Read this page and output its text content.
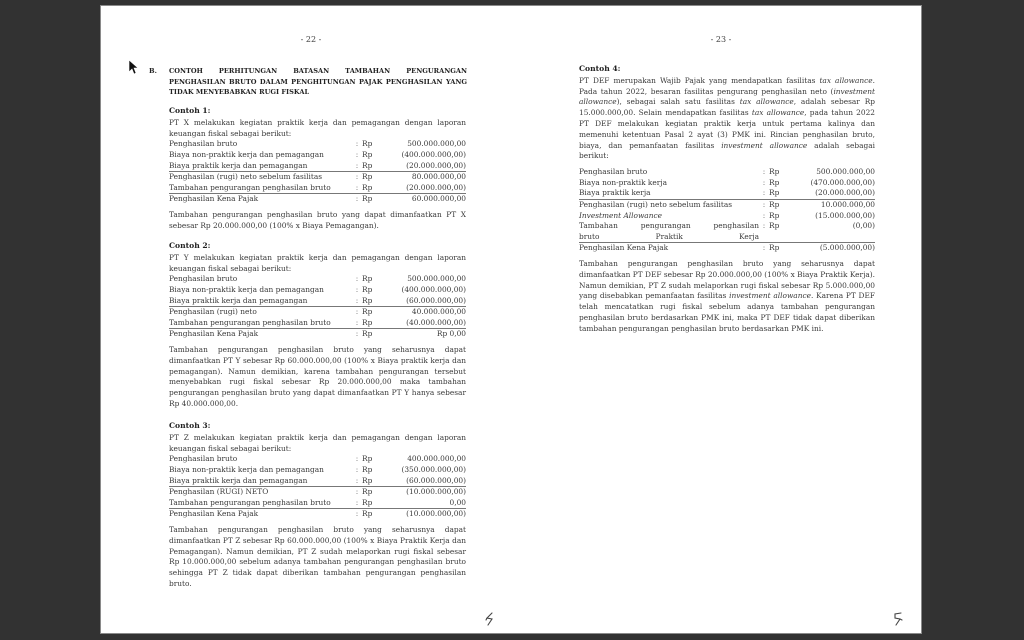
- 22 -
B. CONTOH PERHITUNGAN BATASAN TAMBAHAN PENGURANGAN PENGHASILAN BRUTO DALAM PENGHITUNGAN PAJAK PENGHASILAN YANG TIDAK MENYEBABKAN RUGI FISKAL
Contoh 1:

PT X melakukan kegiatan praktik kerja dan pemagangan dengan laporan keuangan fiskal sebagai berikut:

Penghasilan bruto	:	Rp	500.000.000,00
Biaya non-praktik kerja dan pemagangan	:	Rp	(400.000.000,00)
Biaya praktik kerja dan pemagangan	:	Rp	(20.000.000,00)
Penghasilan (rugi) neto sebelum fasilitas	:	Rp	80.000.000,00
Tambahan pengurangan penghasilan bruto	:	Rp	(20.000.000,00)
Penghasilan Kena Pajak	:	Rp	60.000.000,00

Tambahan pengurangan penghasilan bruto yang dapat dimanfaatkan PT X sebesar Rp 20.000.000,00 (100% x Biaya Pemagangan).

Contoh 2:

PT Y melakukan kegiatan praktik kerja dan pemagangan dengan laporan keuangan fiskal sebagai berikut:

Penghasilan bruto	:	Rp	500.000.000,00
Biaya non-praktik kerja dan pemagangan	:	Rp	(400.000.000,00)
Biaya praktik kerja dan pemagangan	:	Rp	(60.000.000,00)
Penghasilan (rugi) neto	:	Rp	40.000.000,00
Tambahan pengurangan penghasilan bruto	:	Rp	(40.000.000,00)
Penghasilan Kena Pajak	:	Rp	Rp 0,00

Tambahan pengurangan penghasilan bruto yang seharusnya dapat dimanfaatkan PT Y sebesar Rp 60.000.000,00 (100% x Biaya praktik kerja dan pemagangan). Namun demikian, karena tambahan pengurangan tersebut menyebabkan rugi fiskal sebesar Rp 20.000.000,00 maka tambahan pengurangan penghasilan bruto yang dapat dimanfaatkan PT Y hanya sebesar Rp 40.000.000,00.

Contoh 3:

PT Z melakukan kegiatan praktik kerja dan pemagangan dengan laporan keuangan fiskal sebagai berikut:

Penghasilan bruto	:	Rp	400.000.000,00
Biaya non-praktik kerja dan pemagangan	:	Rp	(350.000.000,00)
Biaya praktik kerja dan pemagangan	:	Rp	(60.000.000,00)
Penghasilan (RUGI) NETO	:	Rp	(10.000.000,00)
Tambahan pengurangan penghasilan bruto	:	Rp	0,00
Penghasilan Kena Pajak	:	Rp	(10.000.000,00)

Tambahan pengurangan penghasilan bruto yang seharusnya dapat dimanfaatkan PT Z sebesar Rp 60.000.000,00 (100% x Biaya Praktik Kerja dan Pemagangan). Namun demikian, PT Z sudah melaporkan rugi fiskal sebesar Rp 10.000.000,00 sebelum adanya tambahan pengurangan penghasilan bruto sehingga PT Z tidak dapat diberikan tambahan pengurangan penghasilan bruto.

- 23 -
Contoh 4:

PT DEF merupakan Wajib Pajak yang mendapatkan fasilitas tax allowance. Pada tahun 2022, besaran fasilitas pengurang penghasilan neto (investment allowance), sebagai salah satu fasilitas tax allowance, adalah sebesar Rp 15.000.000,00. Selain mendapatkan fasilitas tax allowance, pada tahun 2022 PT DEF melakukan kegiatan praktik kerja untuk pertama kalinya dan memenuhi ketentuan Pasal 2 ayat (3) PMK ini. Rincian penghasilan bruto, biaya, dan pemanfaatan fasilitas investment allowance adalah sebagai berikut:

Penghasilan bruto	:	Rp	500.000.000,00
Biaya non-praktik kerja	:	Rp	(470.000.000,00)
Biaya praktik kerja	:	Rp	(20.000.000,00)
Penghasilan (rugi) neto sebelum fasilitas	:	Rp	10.000.000,00
Investment Allowance	:	Rp	(15.000.000,00)

Tambahan pengurangan penghasilan
bruto Praktik Kerja	:	Rp	(0,00)
Penghasilan Kena Pajak	:	Rp	(5.000.000,00)

Tambahan pengurangan penghasilan bruto yang seharusnya dapat dimanfaatkan PT DEF sebesar Rp 20.000.000,00 (100% x Biaya Praktik Kerja). Namun demikian, PT Z sudah melaporkan rugi fiskal sebesar Rp 5.000.000,00 yang disebabkan pemanfaatan fasilitas investment allowance. Karena PT DEF telah mencatatkan rugi fiskal sebelum adanya tambahan pengurangan penghasilan bruto berdasarkan PMK ini, maka PT DEF tidak dapat diberikan tambahan pengurangan penghasilan bruto berdasarkan PMK ini.
